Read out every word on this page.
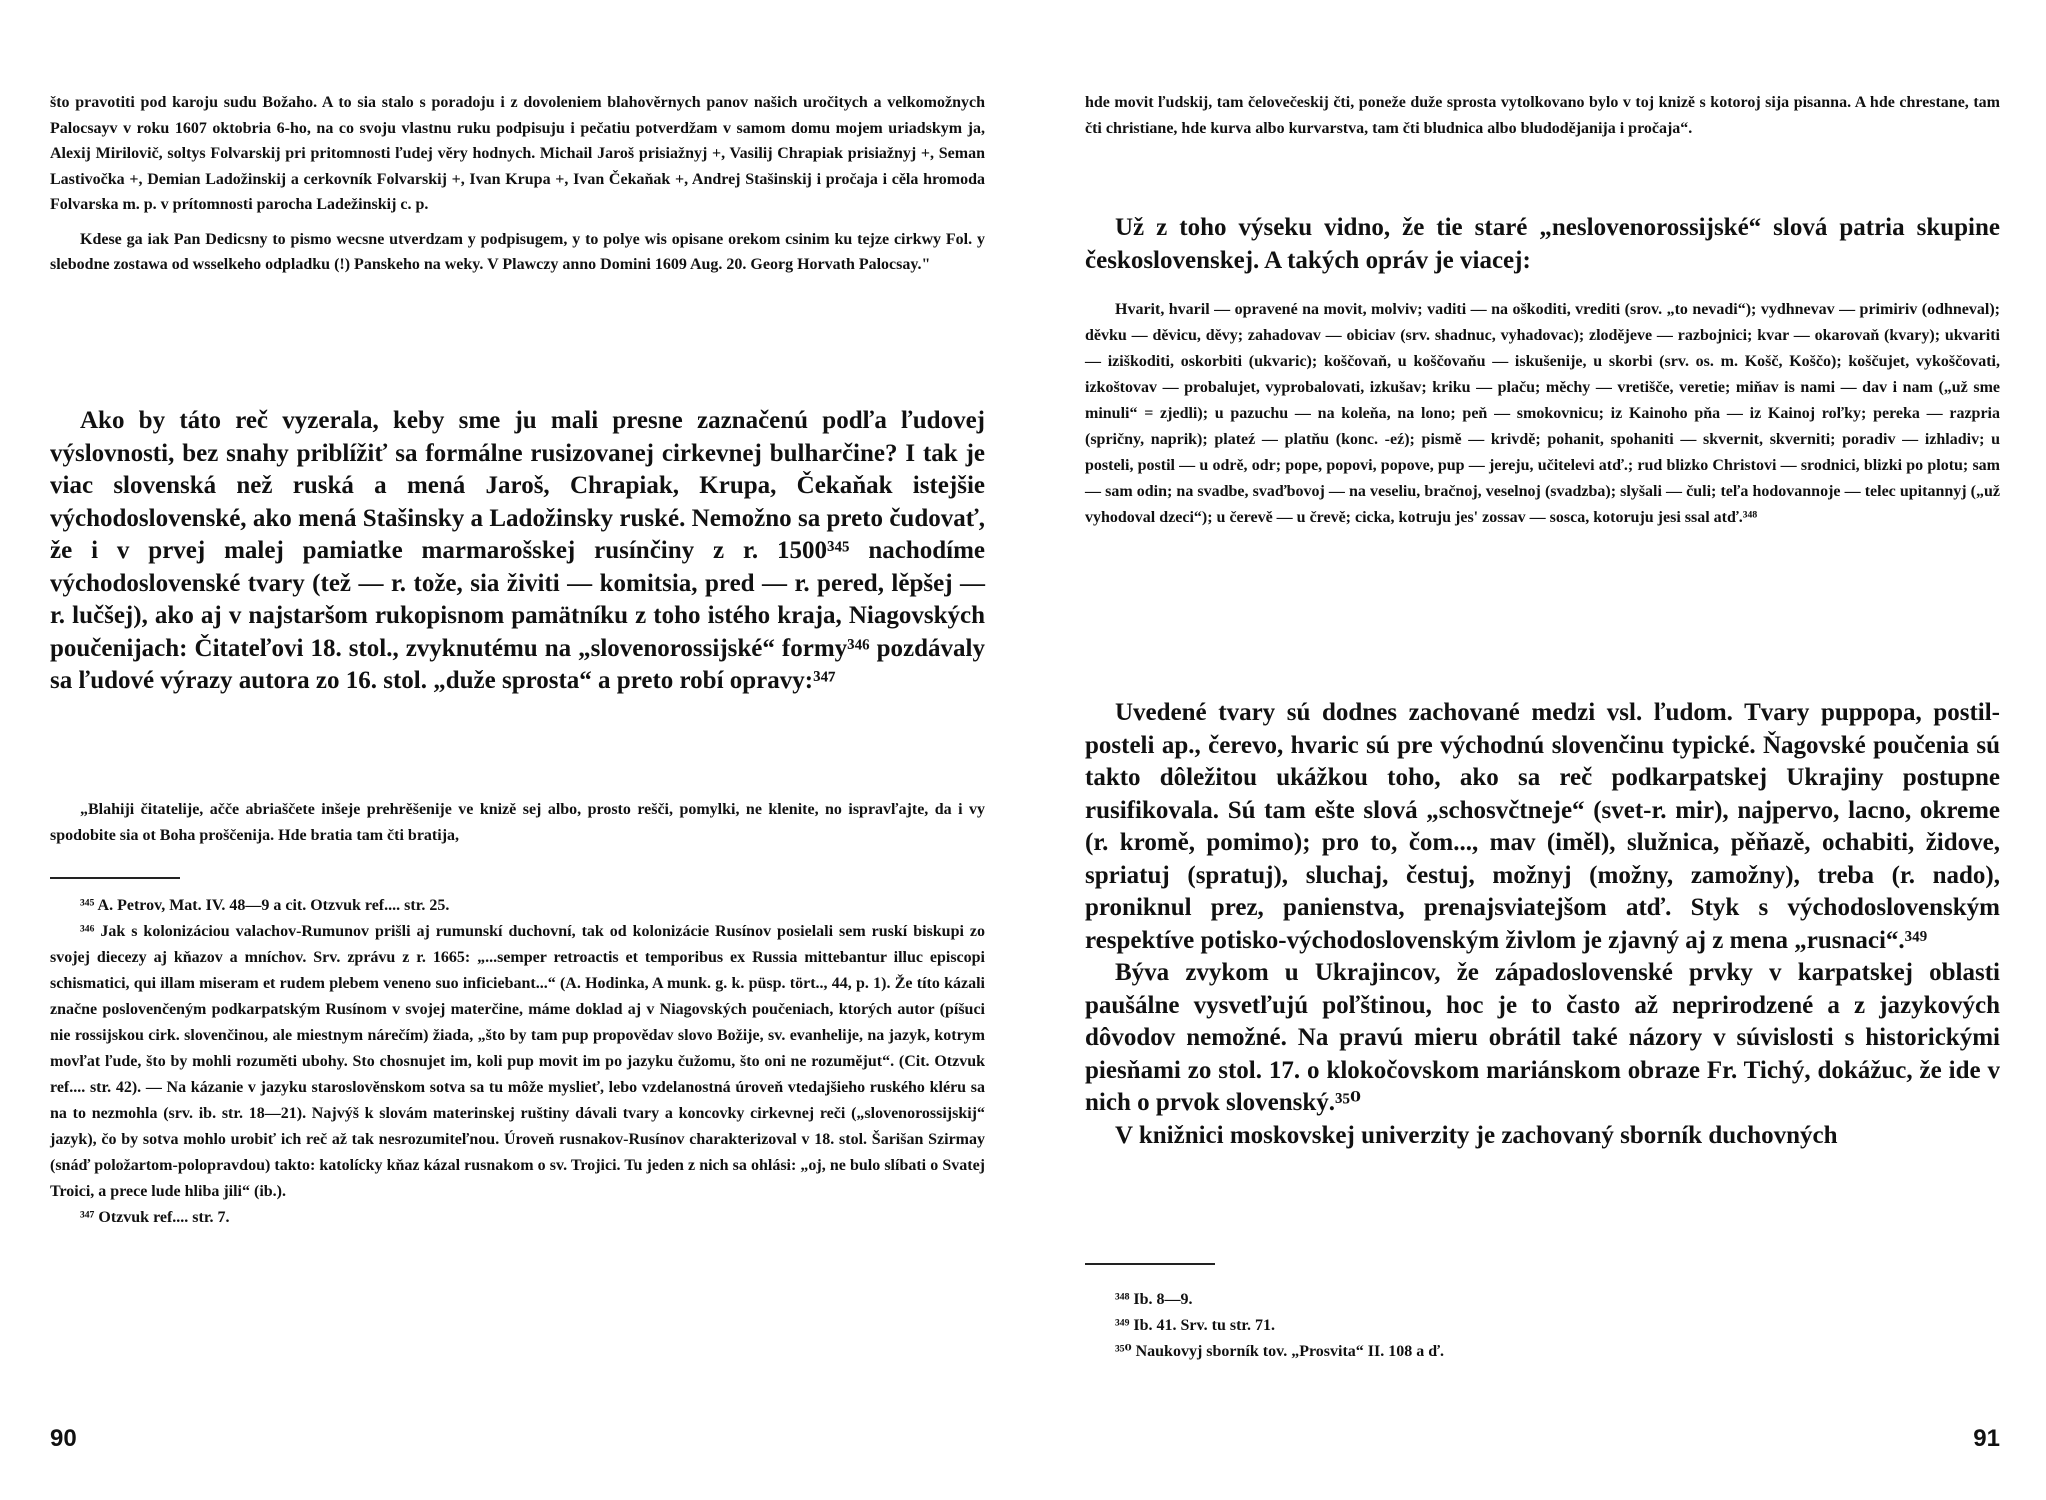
što pravotiti pod karoju sudu Božaho. A to sia stalo s poradoju i z dovoleniem blahověrnych panov našich uročitych a velkomožnych Palocsayv v roku 1607 oktobria 6-ho, na co svoju vlastnu ruku podpisuju i pečatiu potverdžam v samom domu mojem uriadskym ja, Alexij Mirilovič, soltys Folvarskij pri pritomnosti ľudej věry hodnych. Michail Jaroš prisiažnyj +, Vasilij Chrapiak prisiažnyj +, Seman Lastivočka +, Demian Ladožinskij a cerkovník Folvarskij +, Ivan Krupa +, Ivan Čekaňak +, Andrej Stašinskij i pročaja i cěla hromoda Folvarska m. p. v prítomnosti parocha Ladežinskij c. p.

Kdese ga iak Pan Dedicsny to pismo wecsne utverdzam y podpisugem, y to polye wis opisane orekom csinim ku tejze cirkwy Fol. y slebodne zostawa od wsselkeho odpladku (!) Panskeho na weky. V Plawczy anno Domini 1609 Aug. 20. Georg Horvath Palocsay."

Ako by táto reč vyzerala, keby sme ju mali presne zaznačenú podľa ľudovej výslovnosti, bez snahy priblížiť sa formálne rusizovanej cirkevnej bulharčine? I tak je viac slovenská než ruská a mená Jaroš, Chrapiak, Krupa, Čekaňak istejšie východoslovenské, ako mená Stašinsky a Ladožinsky ruské. Nemožno sa preto čudovať, že i v prvej malej pamiatke marmarošskej rusínčiny z r. 1500³⁴⁵ nachodíme východoslovenské tvary (tež — r. tože, sia živiti — komitsia, pred — r. pered, lěpšej — r. lučšej), ako aj v najstaršom rukopisnom pamätníku z toho istého kraja, Niagovských poučenijach: Čitateľovi 18. stol., zvyknutému na „slovenorossijské“ formy³⁴⁶ pozdávaly sa ľudové výrazy autora zo 16. stol. „duže sprosta“ a preto robí opravy:³⁴⁷

„Blahiji čitatelije, ačče abriaščete inšeje prehrěšenije ve knizě sej albo, prosto rešči, pomylki, ne klenite, no ispravľajte, da i vy spodobite sia ot Boha proščenija. Hde bratia tam čti bratija,

³⁴⁵ A. Petrov, Mat. IV. 48—9 a cit. Otzvuk ref.... str. 25.

³⁴⁶ Jak s kolonizáciou valachov-Rumunov prišli aj rumunskí duchovní, tak od kolonizácie Rusínov posielali sem ruskí biskupi zo svojej diecezy aj kňazov a mníchov. Srv. zprávu z r. 1665: „...semper retroactis et temporibus ex Russia mittebantur illuc episcopi schismatici, qui illam miseram et rudem plebem veneno suo inficiebant...“ (A. Hodinka, A munk. g. k. püsp. tört.., 44, p. 1). Že títo kázali značne poslovenčeným podkarpatským Rusínom v svojej materčine, máme doklad aj v Niagovských poučeniach, ktorých autor (píšuci nie rossijskou cirk. slovenčinou, ale miestnym nárečím) žiada, „što by tam pup propovědav slovo Božije, sv. evanhelije, na jazyk, kotrym movľat ľude, što by mohli rozuměti ubohy. Sto chosnujet im, koli pup movit im po jazyku čužomu, što oni ne rozumějut“. (Cit. Otzvuk ref.... str. 42). — Na kázanie v jazyku staroslověnskom sotva sa tu môže myslieť, lebo vzdelanostná úroveň vtedajšieho ruského kléru sa na to nezmohla (srv. ib. str. 18—21). Najvýš k slovám materinskej ruštiny dávali tvary a koncovky cirkevnej reči („slovenorossijskij“ jazyk), čo by sotva mohlo urobiť ich reč až tak nesrozumiteľnou. Úroveň rusnakov-Rusínov charakterizoval v 18. stol. Šarišan Szirmay (snáď položartom-polopravdou) takto: katolícky kňaz kázal rusnakom o sv. Trojici. Tu jeden z nich sa ohlási: „oj, ne bulo slíbati o Svatej Troici, a prece lude hliba jili“ (ib.).

³⁴⁷ Otzvuk ref.... str. 7.

90

hde movit ľudskij, tam čelovečeskij čti, poneže duže sprosta vytolkovano bylo v toj knizě s kotoroj sija pisanna. A hde chrestane, tam čti christiane, hde kurva albo kurvarstva, tam čti bludnica albo bludodějanija i pročaja“.

Už z toho výseku vidno, že tie staré „neslovenorossijské“ slová patria skupine československej. A takých opráv je viacej:

Hvarit, hvaril — opravené na movit, molviv; vaditi — na oškoditi, vrediti (srov. „to nevadi“); vydhnevav — primiriv (odhneval); děvku — děvicu, děvy; zahadovav — obiciav (srv. shadnuc, vyhadovac); zlodějeve — razbojnici; kvar — okarovaň (kvary); ukvariti — iziškoditi, oskorbiti (ukvaric); koščovaň, u koščovaňu — iskušenije, u skorbi (srv. os. m. Košč, Koščo); koščujet, vykoščovati, izkoštovav — probalujet, vyprobalovati, izkušav; kriku — plaču; měchy — vretišče, veretie; miňav is nami — dav i nam („už sme minuli“ = zjedli); u pazuchu — na koleňa, na lono; peň — smokovnicu; iz Kainoho pňa — iz Kainoj roľky; pereka — razpria (spričny, naprik); plateź — platňu (konc. -eź); pismě — krivdě; pohanit, spohaniti — skvernit, skverniti; poradiv — izhladiv; u posteli, postil — u odrě, odr; pope, popovi, popove, pup — jereju, učitelevi atď.; rud blizko Christovi — srodnici, blizki po plotu; sam — sam odin; na svadbe, svaďbovoj — na veseliu, bračnoj, veselnoj (svadzba); slyšali — čuli; teľa hodovannoje — telec upitannyj („už vyhodoval dzeci“); u čerevě — u črevě; cicka, kotruju jes' zossav — sosca, kotoruju jesi ssal atď.³⁴⁸

Uvedené tvary sú dodnes zachované medzi vsl. ľudom. Tvary puppopa, postil-posteli ap., čerevo, hvaric sú pre východnú slovenčinu typické. Ňagovské poučenia sú takto dôležitou ukážkou toho, ako sa reč podkarpatskej Ukrajiny postupne rusifikovala. Sú tam ešte slová „schosvčtneje“ (svet-r. mir), najpervo, lacno, okreme (r. kromě, pomimo); pro to, čom..., mav (iměl), služnica, pěňazě, ochabiti, židove, spriatuj (spratuj), sluchaj, čestuj, možnyj (možny, zamožny), treba (r. nado), proniknul prez, panienstva, prenajsviatejšom atď. Styk s východoslovenským respektíve potisko-východoslovenským živlom je zjavný aj z mena „rusnaci“.³⁴⁹

Býva zvykom u Ukrajincov, že západoslovenské prvky v karpatskej oblasti paušálne vysvetľujú poľštinou, hoc je to často až neprirodzené a z jazykových dôvodov nemožné. Na pravú mieru obrátil také názory v súvislosti s historickými piesňami zo stol. 17. o klokočovskom mariánskom obraze Fr. Tichý, dokážuc, že ide v nich o prvok slovenský.³⁵⁰

V knižnici moskovskej univerzity je zachovaný sborník duchovných

³⁴⁸ Ib. 8—9.

³⁴⁹ Ib. 41. Srv. tu str. 71.

³⁵⁰ Naukovyj sborník tov. „Prosvita“ II. 108 a ď.

91
